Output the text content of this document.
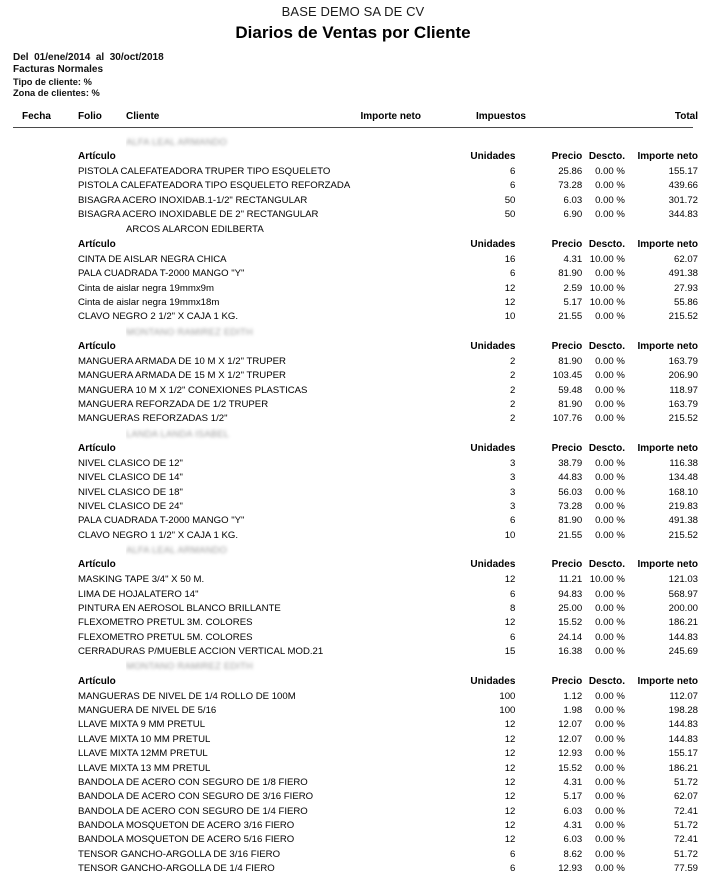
BASE DEMO SA DE CV
Diarios de Ventas por Cliente
Del  01/ene/2014  al  30/oct/2018
Facturas Normales
Tipo de cliente: %
Zona de clientes: %
Fecha	Folio	Cliente	Importe neto	Impuestos	Total
ALFA LEAL ARMANDO
Artículo	Unidades	Precio Descto.	Importe neto
PISTOLA CALEFATEADORA TRUPER TIPO ESQUELETO	6	25.86	0.00 %	155.17
PISTOLA CALEFATEADORA TIPO ESQUELETO REFORZADA	6	73.28	0.00 %	439.66
BISAGRA ACERO INOXIDAB.1-1/2" RECTANGULAR	50	6.03	0.00 %	301.72
BISAGRA ACERO INOXIDABLE DE 2" RECTANGULAR	50	6.90	0.00 %	344.83
ARCOS ALARCON EDILBERTA
Artículo	Unidades	Precio Descto.	Importe neto
CINTA DE AISLAR NEGRA CHICA	16	4.31 10.00 %	62.07
PALA CUADRADA T-2000 MANGO "Y"	6	81.90	0.00 %	491.38
Cinta de aislar negra 19mmx9m	12	2.59 10.00 %	27.93
Cinta de aislar negra 19mmx18m	12	5.17 10.00 %	55.86
CLAVO NEGRO 2 1/2" X CAJA 1 KG.	10	21.55	0.00 %	215.52
MONTANO RAMIREZ EDITH
Artículo	Unidades	Precio Descto.	Importe neto
MANGUERA ARMADA DE 10 M X 1/2" TRUPER	2	81.90	0.00 %	163.79
MANGUERA ARMADA DE 15 M X 1/2" TRUPER	2	103.45	0.00 %	206.90
MANGUERA 10 M X 1/2" CONEXIONES PLASTICAS	2	59.48	0.00 %	118.97
MANGUERA REFORZADA DE 1/2 TRUPER	2	81.90	0.00 %	163.79
MANGUERAS REFORZADAS 1/2"	2	107.76	0.00 %	215.52
LANDA LANDA ISABEL
Artículo	Unidades	Precio Descto.	Importe neto
NIVEL CLASICO DE 12"	3	38.79	0.00 %	116.38
NIVEL CLASICO DE 14"	3	44.83	0.00 %	134.48
NIVEL CLASICO DE 18"	3	56.03	0.00 %	168.10
NIVEL CLASICO DE 24"	3	73.28	0.00 %	219.83
PALA CUADRADA T-2000 MANGO "Y"	6	81.90	0.00 %	491.38
CLAVO NEGRO 1 1/2" X CAJA 1 KG.	10	21.55	0.00 %	215.52
ALFA LEAL ARMANDO
Artículo	Unidades	Precio Descto.	Importe neto
MASKING TAPE 3/4" X 50 M.	12	11.21 10.00 %	121.03
LIMA DE HOJALATERO 14"	6	94.83	0.00 %	568.97
PINTURA EN AEROSOL BLANCO BRILLANTE	8	25.00	0.00 %	200.00
FLEXOMETRO PRETUL 3M. COLORES	12	15.52	0.00 %	186.21
FLEXOMETRO PRETUL 5M. COLORES	6	24.14	0.00 %	144.83
CERRADURAS P/MUEBLE ACCION VERTICAL MOD.21	15	16.38	0.00 %	245.69
MONTANO RAMIREZ EDITH
Artículo	Unidades	Precio Descto.	Importe neto
MANGUERAS DE NIVEL DE 1/4 ROLLO DE 100M	100	1.12	0.00 %	112.07
MANGUERA DE NIVEL DE 5/16	100	1.98	0.00 %	198.28
LLAVE MIXTA 9 MM PRETUL	12	12.07	0.00 %	144.83
LLAVE MIXTA 10 MM PRETUL	12	12.07	0.00 %	144.83
LLAVE MIXTA 12MM PRETUL	12	12.93	0.00 %	155.17
LLAVE MIXTA 13 MM PRETUL	12	15.52	0.00 %	186.21
BANDOLA DE ACERO CON SEGURO DE 1/8 FIERO	12	4.31	0.00 %	51.72
BANDOLA DE ACERO CON SEGURO DE 3/16 FIERO	12	5.17	0.00 %	62.07
BANDOLA DE ACERO CON SEGURO DE 1/4 FIERO	12	6.03	0.00 %	72.41
BANDOLA MOSQUETON DE ACERO 3/16 FIERO	12	4.31	0.00 %	51.72
BANDOLA MOSQUETON DE ACERO 5/16 FIERO	12	6.03	0.00 %	72.41
TENSOR GANCHO-ARGOLLA DE 3/16 FIERO	6	8.62	0.00 %	51.72
TENSOR GANCHO-ARGOLLA DE 1/4 FIERO	6	12.93	0.00 %	77.59
